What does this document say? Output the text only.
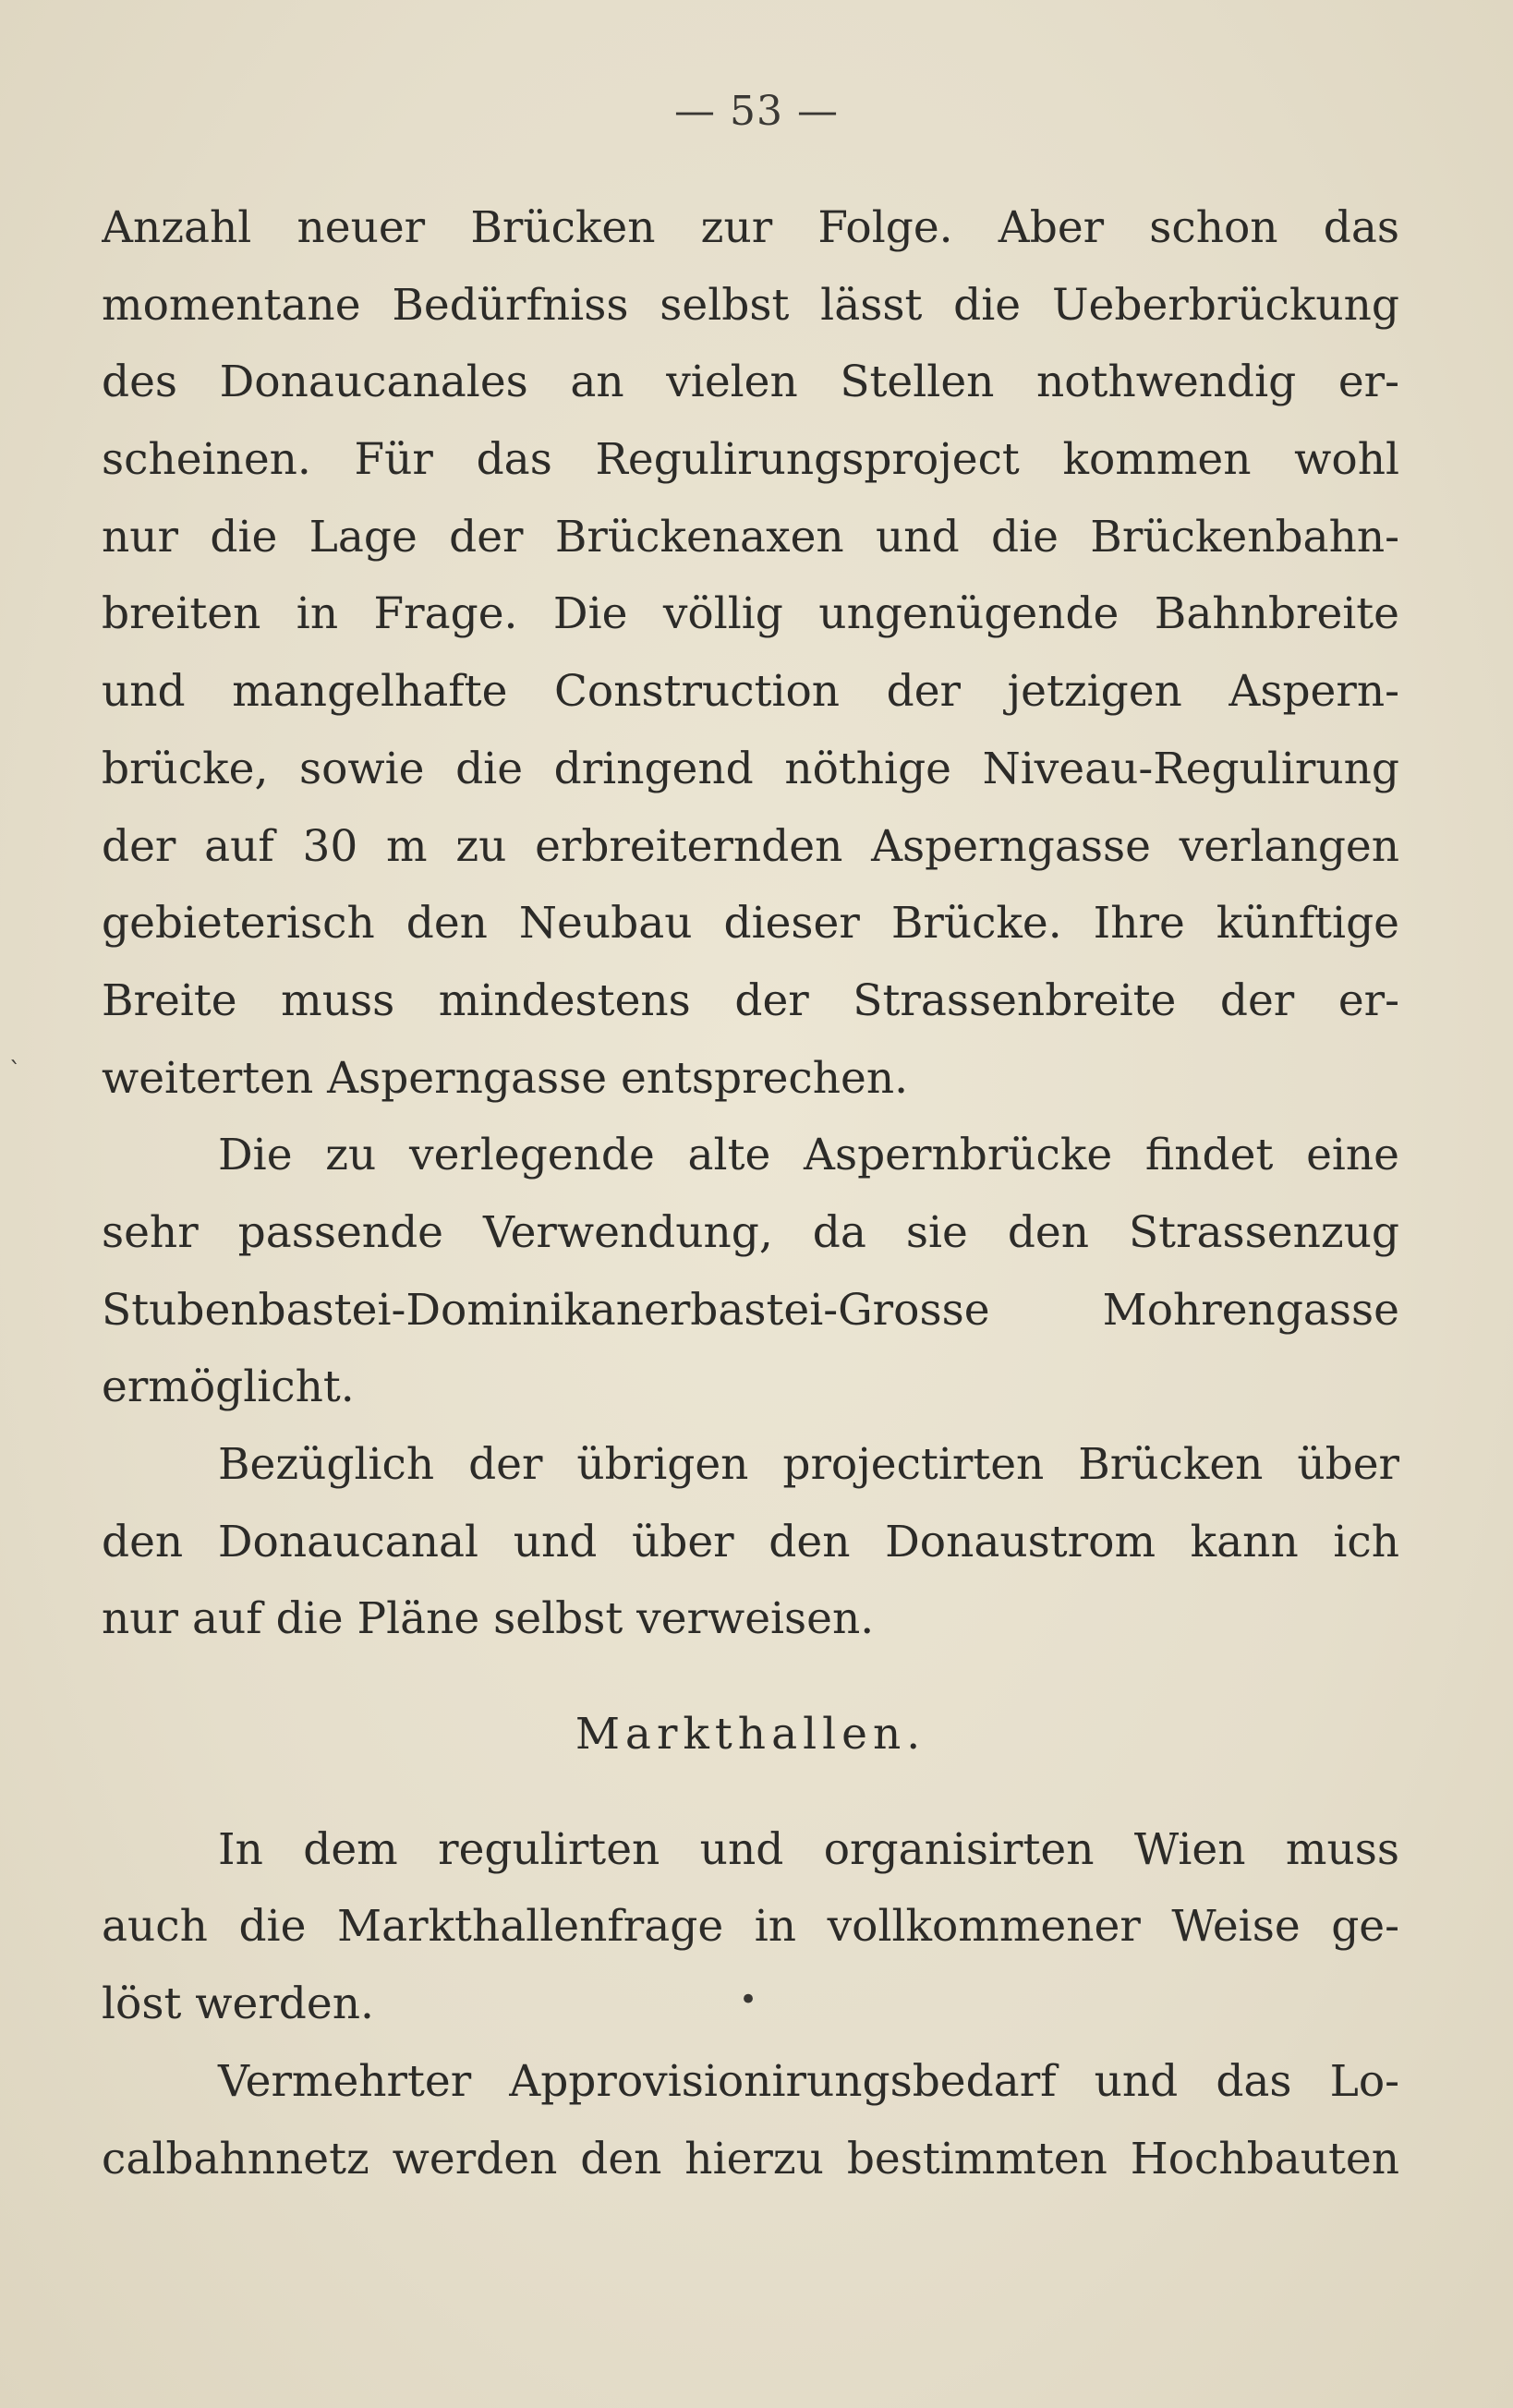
— 53 —
Anzahl neuer Brücken zur Folge. Aber schon das
momentane Bedürfniss selbst lässt die Ueberbrückung
des Donaucanales an vielen Stellen nothwendig er-
scheinen. Für das Regulirungsproject kommen wohl
nur die Lage der Brückenaxen und die Brückenbahn-
breiten in Frage. Die völlig ungenügende Bahnbreite
und mangelhafte Construction der jetzigen Aspern-
brücke, sowie die dringend nöthige Niveau-Regulirung
der auf 30 m zu erbreiternden Asperngasse verlangen
gebieterisch den Neubau dieser Brücke. Ihre künftige
Breite muss mindestens der Strassenbreite der er-
weiterten Asperngasse entsprechen.
Die zu verlegende alte Aspernbrücke findet eine
sehr passende Verwendung, da sie den Strassenzug
Stubenbastei-Dominikanerbastei-Grosse Mohrengasse
ermöglicht.
Bezüglich der übrigen projectirten Brücken über
den Donaucanal und über den Donaustrom kann ich
nur auf die Pläne selbst verweisen.
Markthallen.
In dem regulirten und organisirten Wien muss
auch die Markthallenfrage in vollkommener Weise ge-
löst werden.
Vermehrter Approvisionirungsbedarf und das Lo-
calbahnnetz werden den hierzu bestimmten Hochbauten
•
`
